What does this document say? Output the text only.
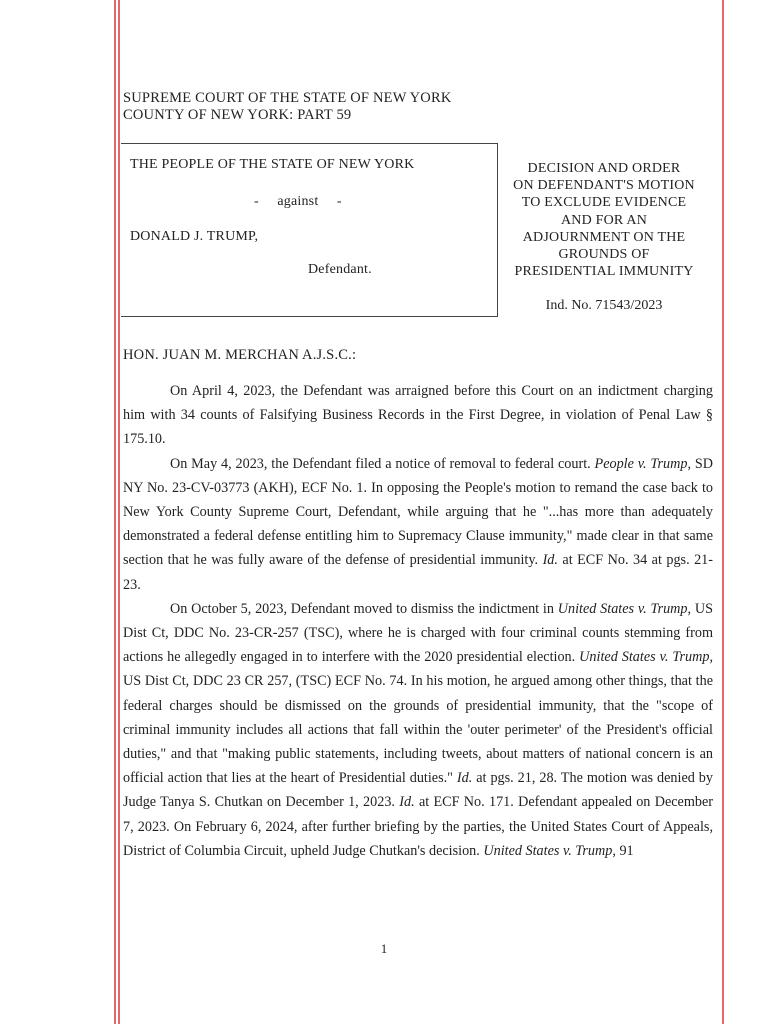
SUPREME COURT OF THE STATE OF NEW YORK
COUNTY OF NEW YORK: PART 59
THE PEOPLE OF THE STATE OF NEW YORK
-     against     -
DONALD J. TRUMP,
Defendant.
DECISION AND ORDER
ON DEFENDANT'S MOTION
TO EXCLUDE EVIDENCE
AND FOR AN
ADJOURNMENT ON THE
GROUNDS OF
PRESIDENTIAL IMMUNITY
Ind. No. 71543/2023
HON. JUAN M. MERCHAN A.J.S.C.:

On April 4, 2023, the Defendant was arraigned before this Court on an indictment charging him with 34 counts of Falsifying Business Records in the First Degree, in violation of Penal Law § 175.10.

On May 4, 2023, the Defendant filed a notice of removal to federal court. People v. Trump, SD NY No. 23-CV-03773 (AKH), ECF No. 1. In opposing the People's motion to remand the case back to New York County Supreme Court, Defendant, while arguing that he "...has more than adequately demonstrated a federal defense entitling him to Supremacy Clause immunity," made clear in that same section that he was fully aware of the defense of presidential immunity. Id. at ECF No. 34 at pgs. 21-23.

On October 5, 2023, Defendant moved to dismiss the indictment in United States v. Trump, US Dist Ct, DDC No. 23-CR-257 (TSC), where he is charged with four criminal counts stemming from actions he allegedly engaged in to interfere with the 2020 presidential election. United States v. Trump, US Dist Ct, DDC 23 CR 257, (TSC) ECF No. 74. In his motion, he argued among other things, that the federal charges should be dismissed on the grounds of presidential immunity, that the "scope of criminal immunity includes all actions that fall within the 'outer perimeter' of the President's official duties," and that "making public statements, including tweets, about matters of national concern is an official action that lies at the heart of Presidential duties." Id. at pgs. 21, 28. The motion was denied by Judge Tanya S. Chutkan on December 1, 2023. Id. at ECF No. 171. Defendant appealed on December 7, 2023. On February 6, 2024, after further briefing by the parties, the United States Court of Appeals, District of Columbia Circuit, upheld Judge Chutkan's decision. United States v. Trump, 91

1
